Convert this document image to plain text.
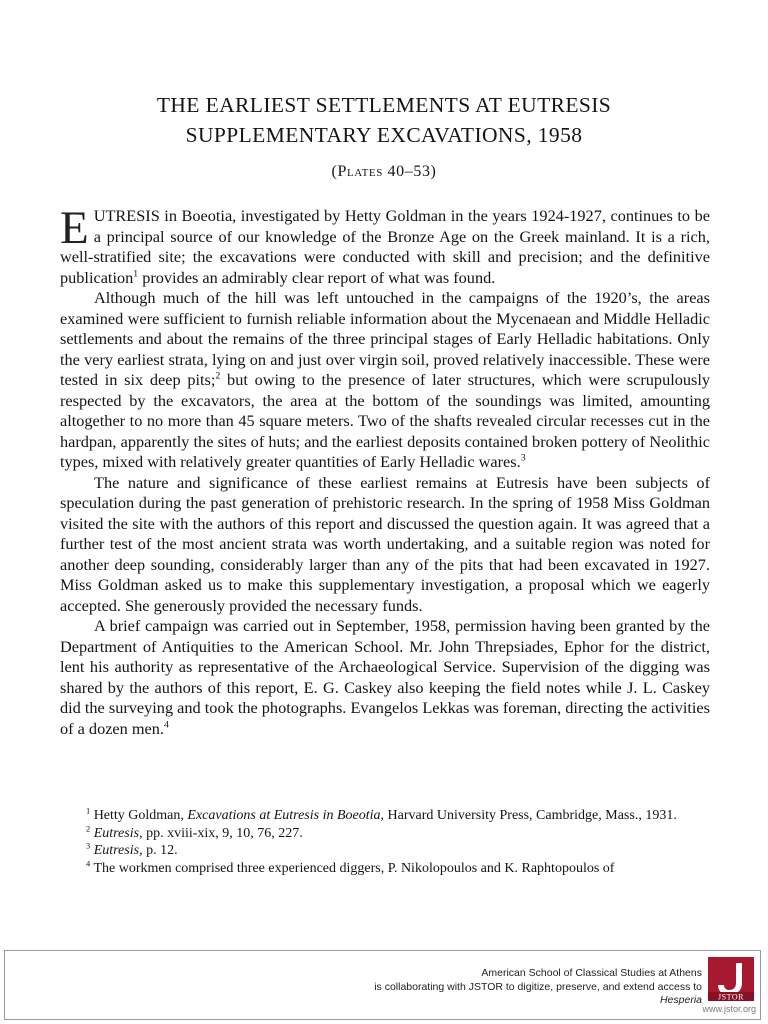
THE EARLIEST SETTLEMENTS AT EUTRESIS
SUPPLEMENTARY EXCAVATIONS, 1958

(Plates 40–53)

EUTRESIS in Boeotia, investigated by Hetty Goldman in the years 1924-1927, continues to be a principal source of our knowledge of the Bronze Age on the Greek mainland. It is a rich, well-stratified site; the excavations were conducted with skill and precision; and the definitive publication$^1$ provides an admirably clear report of what was found.

Although much of the hill was left untouched in the campaigns of the 1920’s, the areas examined were sufficient to furnish reliable information about the Mycenaean and Middle Helladic settlements and about the remains of the three principal stages of Early Helladic habitations. Only the very earliest strata, lying on and just over virgin soil, proved relatively inaccessible. These were tested in six deep pits;$^2$ but owing to the presence of later structures, which were scrupulously respected by the excavators, the area at the bottom of the soundings was limited, amounting altogether to no more than 45 square meters. Two of the shafts revealed circular recesses cut in the hardpan, apparently the sites of huts; and the earliest deposits contained broken pottery of Neolithic types, mixed with relatively greater quantities of Early Helladic wares.$^3$

The nature and significance of these earliest remains at Eutresis have been subjects of speculation during the past generation of prehistoric research. In the spring of 1958 Miss Goldman visited the site with the authors of this report and discussed the question again. It was agreed that a further test of the most ancient strata was worth undertaking, and a suitable region was noted for another deep sounding, considerably larger than any of the pits that had been excavated in 1927. Miss Goldman asked us to make this supplementary investigation, a proposal which we eagerly accepted. She generously provided the necessary funds.

A brief campaign was carried out in September, 1958, permission having been granted by the Department of Antiquities to the American School. Mr. John Threpsiades, Ephor for the district, lent his authority as representative of the Archaeological Service. Supervision of the digging was shared by the authors of this report, E. G. Caskey also keeping the field notes while J. L. Caskey did the surveying and took the photographs. Evangelos Lekkas was foreman, directing the activities of a dozen men.$^4$

$^1$ Hetty Goldman, Excavations at Eutresis in Boeotia, Harvard University Press, Cambridge, Mass., 1931.

$^2$ Eutresis, pp. xviii-xix, 9, 10, 76, 227.

$^3$ Eutresis, p. 12.

$^4$ The workmen comprised three experienced diggers, P. Nikolopoulos and K. Raphtopoulos of

American School of Classical Studies at Athens
is collaborating with JSTOR to digitize, preserve, and extend access to
Hesperia JSTOR
www.jstor.org
